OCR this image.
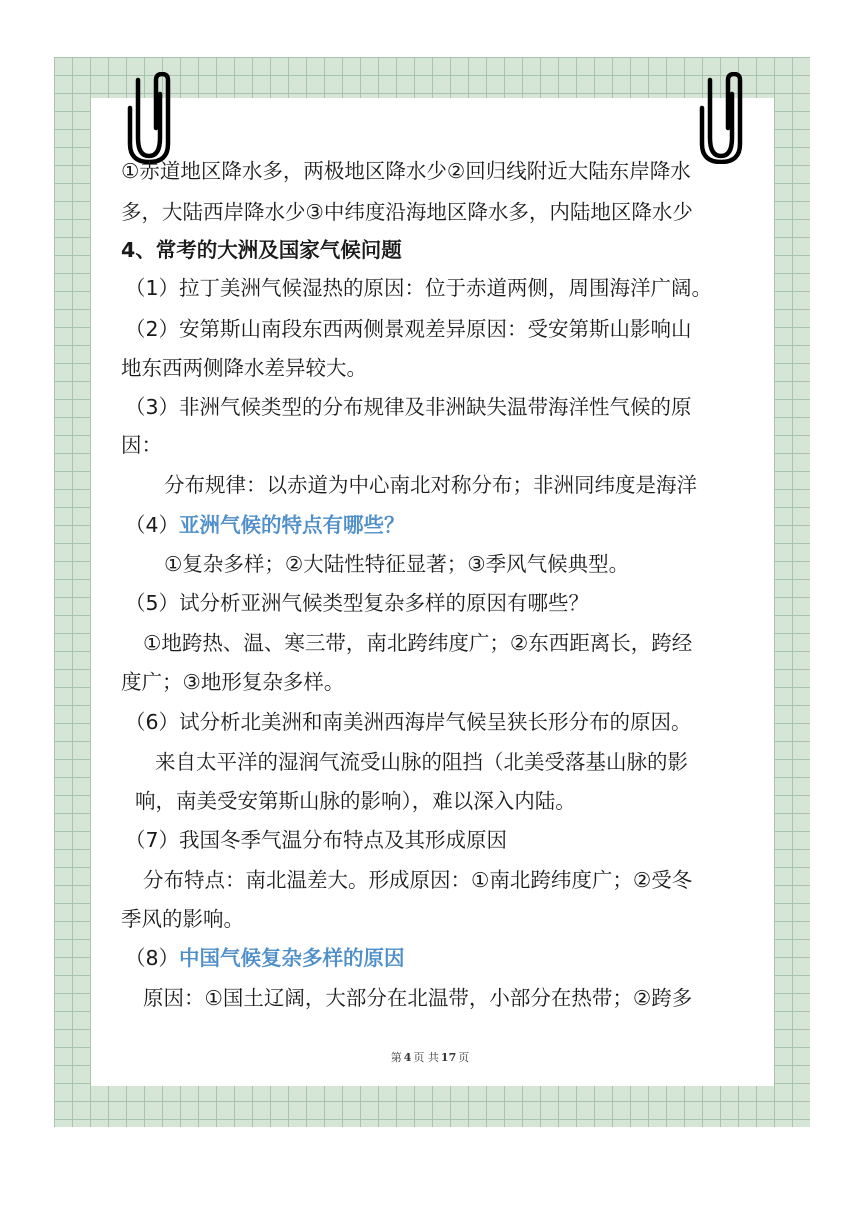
①赤道地区降水多，两极地区降水少②回归线附近大陆东岸降水
多，大陆西岸降水少③中纬度沿海地区降水多，内陆地区降水少
4、常考的大洲及国家气候问题
（1）拉丁美洲气候湿热的原因：位于赤道两侧，周围海洋广阔。
（2）安第斯山南段东西两侧景观差异原因：受安第斯山影响山
地东西两侧降水差异较大。
（3）非洲气候类型的分布规律及非洲缺失温带海洋性气候的原
因：
分布规律：以赤道为中心南北对称分布；非洲同纬度是海洋
（4）亚洲气候的特点有哪些？
①复杂多样；②大陆性特征显著；③季风气候典型。
（5）试分析亚洲气候类型复杂多样的原因有哪些？
①地跨热、温、寒三带，南北跨纬度广；②东西距离长，跨经
度广；③地形复杂多样。
（6）试分析北美洲和南美洲西海岸气候呈狭长形分布的原因。
来自太平洋的湿润气流受山脉的阻挡（北美受落基山脉的影
响，南美受安第斯山脉的影响），难以深入内陆。
（7）我国冬季气温分布特点及其形成原因
分布特点：南北温差大。形成原因：①南北跨纬度广；②受冬
季风的影响。
（8）中国气候复杂多样的原因
原因：①国土辽阔，大部分在北温带，小部分在热带；②跨多
第 4 页 共 17 页
